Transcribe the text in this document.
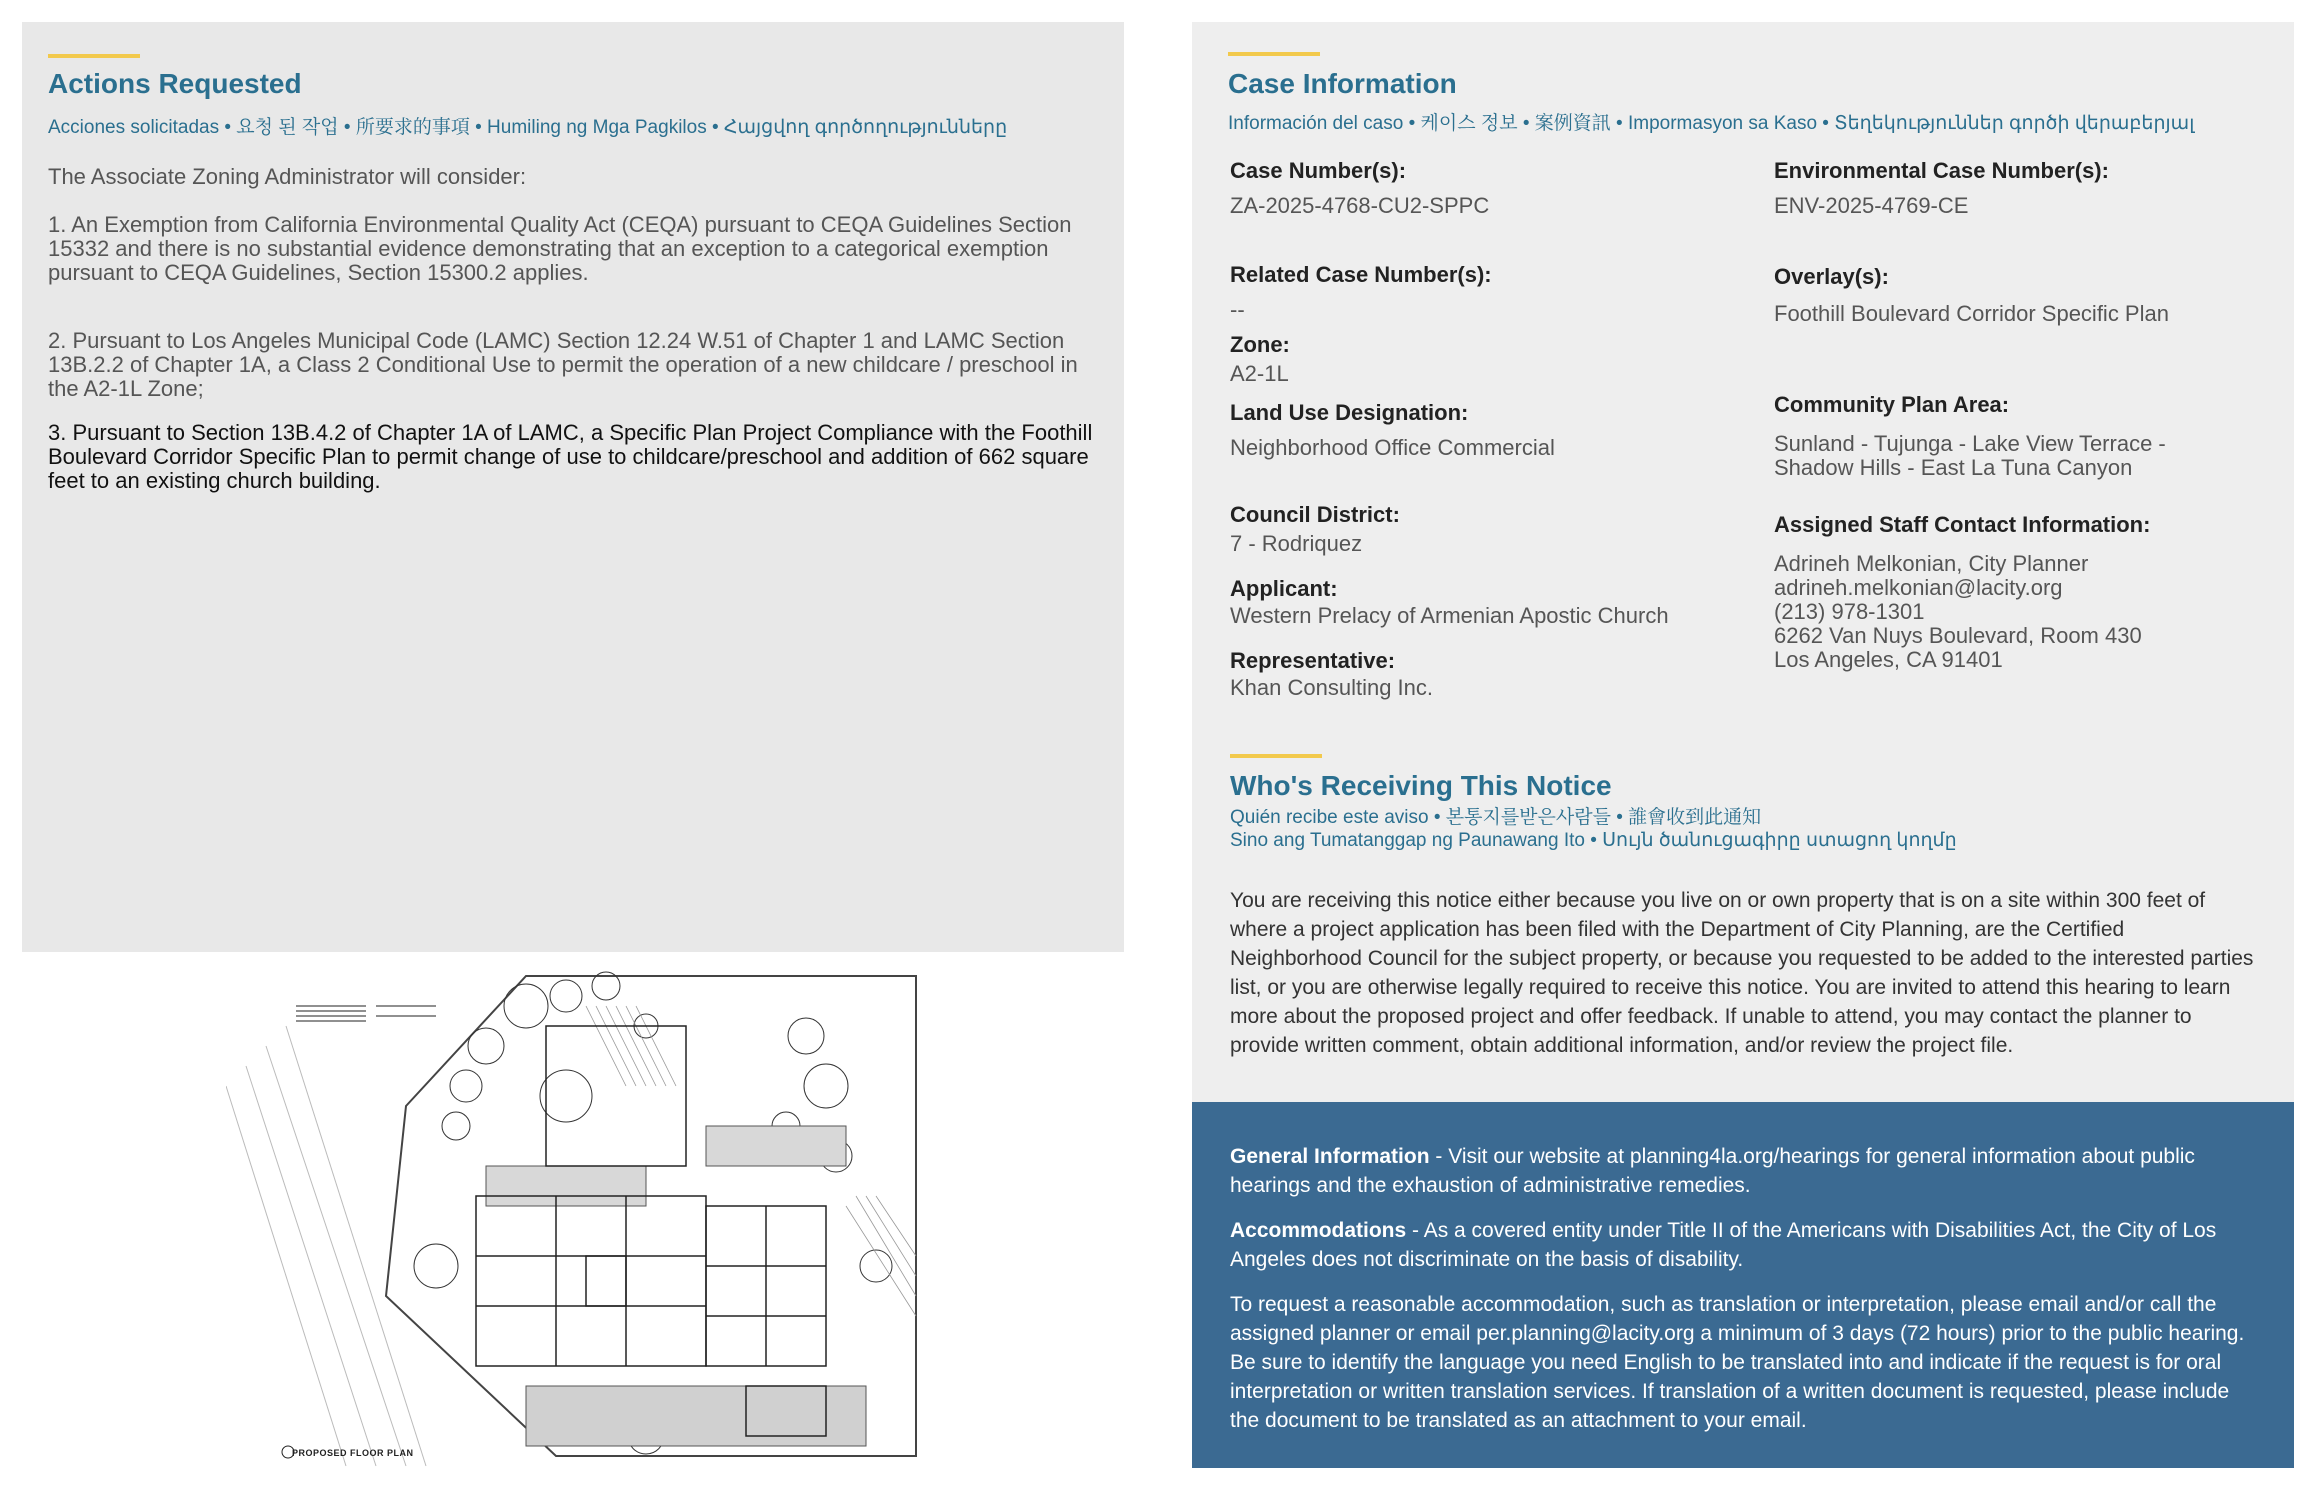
Actions Requested
Acciones solicitadas • 요청 된 작업 • 所要求的事項 • Humiling ng Mga Pagkilos • Հայցվող գործողությունները
The Associate Zoning Administrator will consider:
1. An Exemption from California Environmental Quality Act (CEQA) pursuant to CEQA Guidelines Section 15332 and there is no substantial evidence demonstrating that an exception to a categorical exemption pursuant to CEQA Guidelines, Section 15300.2 applies.
2. Pursuant to Los Angeles Municipal Code (LAMC) Section 12.24 W.51 of Chapter 1 and LAMC Section 13B.2.2 of Chapter 1A, a Class 2 Conditional Use to permit the operation of a new childcare / preschool in the A2-1L Zone;
3. Pursuant to Section 13B.4.2 of Chapter 1A of LAMC, a Specific Plan Project Compliance with the Foothill Boulevard Corridor Specific Plan to permit change of use to childcare/preschool and addition of 662 square feet to an existing church building.
PROPOSED FLOOR PLAN
Case Information
Información del caso • 케이스 정보 • 案例資訊 • Impormasyon sa Kaso • Տեղեկություններ գործի վերաբերյալ
Case Number(s):
ZA-2025-4768-CU2-SPPC
Related Case Number(s):
--
Zone:
A2-1L
Land Use Designation:
Neighborhood Office Commercial
Council District:
7 - Rodriquez
Applicant:
Western Prelacy of Armenian Apostic Church
Representative:
Khan Consulting Inc.
Environmental Case Number(s):
ENV-2025-4769-CE
Overlay(s):
Foothill Boulevard Corridor Specific Plan
Community Plan Area:
Sunland - Tujunga - Lake View Terrace -
Shadow Hills - East La Tuna Canyon
Assigned Staff Contact Information:
Adrineh Melkonian, City Planner
adrineh.melkonian@lacity.org
(213) 978-1301
6262 Van Nuys Boulevard, Room 430
Los Angeles, CA 91401
Who's Receiving This Notice
Quién recibe este aviso • 본통지를받은사람들 • 誰會收到此通知
Sino ang Tumatanggap ng Paunawang Ito • Սույն ծանուցագիրը ստացող կողմը
You are receiving this notice either because you live on or own property that is on a site within 300 feet of where a project application has been filed with the Department of City Planning, are the Certified Neighborhood Council for the subject property, or because you requested to be added to the interested parties list, or you are otherwise legally required to receive this notice. You are invited to attend this hearing to learn more about the proposed project and offer feedback. If unable to attend, you may contact the planner to provide written comment, obtain additional information, and/or review the project file.

General Information - Visit our website at planning4la.org/hearings for general information about public hearings and the exhaustion of administrative remedies.

Accommodations - As a covered entity under Title II of the Americans with Disabilities Act, the City of Los Angeles does not discriminate on the basis of disability.

To request a reasonable accommodation, such as translation or interpretation, please email and/or call the assigned planner or email per.planning@lacity.org a minimum of 3 days (72 hours) prior to the public hearing. Be sure to identify the language you need English to be translated into and indicate if the request is for oral interpretation or written translation services. If translation of a written document is requested, please include the document to be translated as an attachment to your email.
